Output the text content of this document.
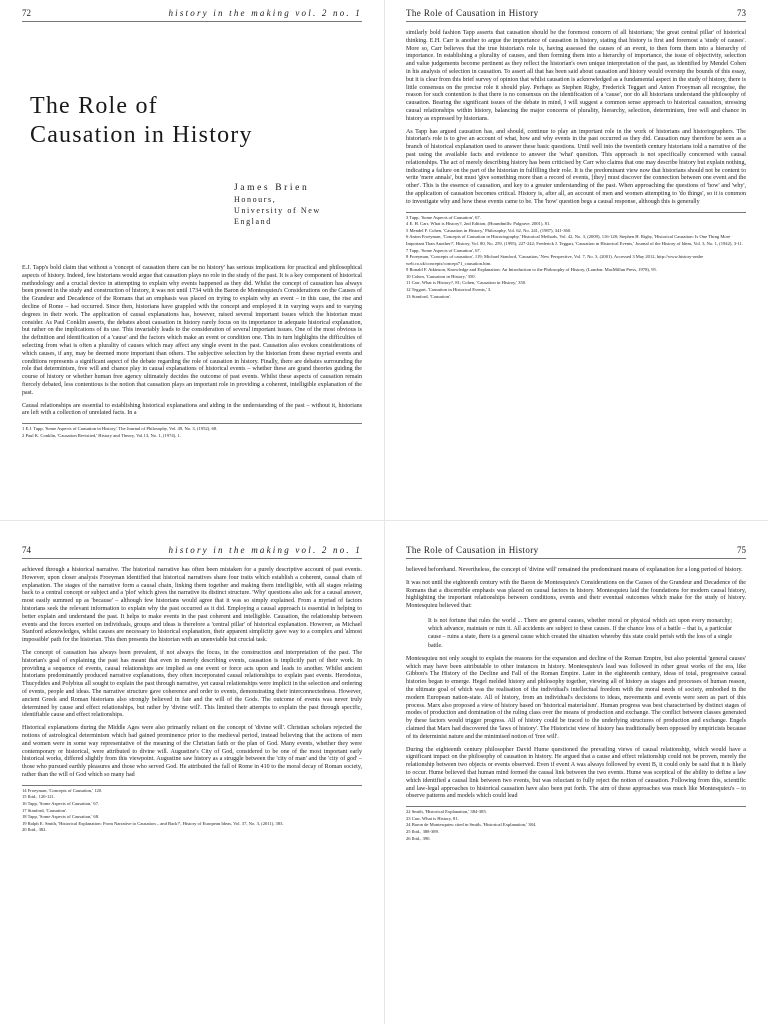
72	history in the making vol. 2 no. 1
The Role of
Causation in History
James Brien
Honours,
University of New England

E.J. Tapp's bold claim that without a 'concept of causation there can be no history' has serious implications for practical and philosophical aspects of history. Indeed, few historians would argue that causation plays no role in the study of the past. It is a key component of historical methodology and a crucial device in attempting to explain why events happened as they did. Whilst the concept of causation has always been present in the study and construction of history, it was not until 1734 with the Baron de Montesquieu's Considerations on the Causes of the Grandeur and Decadence of the Romans that an emphasis was placed on trying to explain why an event – in this case, the rise and decline of Rome – had occurred. Since then, historians have grappled with the concept and employed it in varying ways and to varying degrees in their work. The application of causal explanations has, however, raised several important issues which the historian must consider. As Paul Conklin asserts, the debates about causation in history rarely focus on its importance in adequate historical explanation, but rather on the implications of its use. This invariably leads to the consideration of several important issues. One of the most obvious is the definition and identification of a 'cause' and the factors which make an event or condition one. This in turn highlights the difficulties of selecting from what is often a plurality of causes which may affect any single event in the past. Causation also evokes considerations of which causes, if any, may be deemed more important than others. The subjective selection by the historian from these myriad events and conditions represents a significant aspect of the debate regarding the role of causation in history. Finally, there are debates surrounding the role that determinism, free will and chance play in causal explanations of historical events – whether these are grand theories guiding the course of history or whether human free agency ultimately decides the outcome of past events. Whilst these aspects of causation remain fiercely debated, less contentious is the notion that causation plays an important role in providing a coherent, intelligible explanation of the past.

Causal relationships are essential to establishing historical explanations and aiding in the understanding of the past – without it, historians are left with a collection of unrelated facts. In a

1 E.J. Tapp, 'Some Aspects of Causation in History,' The Journal of Philosophy, Vol. 49, No. 3, (1952), 68.

2 Paul K. Conklin, 'Causation Revisited,' History and Theory, Vol.13, No. 1, (1974), 1.

The Role of Causation in History	73

similarly bold fashion Tapp asserts that causation should be the foremost concern of all historians; 'the great central pillar' of historical thinking. E.H. Carr is another to argue the importance of causation in history, stating that history is first and foremost a 'study of causes'. More so, Carr believes that the true historian's role is, having assessed the causes of an event, to then form them into a hierarchy of importance. In establishing a plurality of causes, and then forming them into a hierarchy of importance, the issue of objectivity, selection and value judgements become pertinent as they reflect the historian's own unique interpretation of the past, as identified by Mendel Cohen in his analysis of selection in causation. To assert all that has been said about causation and history would overstep the bounds of this essay, but it is clear from this brief survey of opinion that whilst causation is acknowledged as a fundamental aspect in the study of history, there is little consensus on the precise role it should play. Perhaps as Stephen Rigby, Frederick Teggart and Anton Froeyman all recognise, the reason for such contention is that there is no consensus on the identification of a 'cause', nor do all historians understand the philosophy of causation. Bearing the significant issues of the debate in mind, I will suggest a common sense approach to historical causation, stressing causal relationships within history, balancing the major concerns of plurality, hierarchy, selection, determinism, free will and chance in history as expressed by historians.

As Tapp has argued causation has, and should, continue to play an important role in the work of historians and historiographers. The historian's role is to give an account of what, how and why events in the past occurred as they did. Causation may therefore be seen as a branch of historical explanation used to answer these basic questions. Until well into the twentieth century historians told a narrative of the past using the available facts and evidence to answer the 'what' question. This approach is not specifically concerned with causal relationships. The act of merely describing history has been criticised by Carr who claims that one may describe history but explain nothing, indicating a failure on the part of the historian in fulfilling their role. It is the predominant view now that historians should not be content to write 'mere annals', but must 'give something more than a record of events, [they] must discover the connection between one event and the other'. This is the essence of causation, and key to a greater understanding of the past. When approaching the questions of 'how' and 'why', the application of causation becomes critical. History is, after all, an account of men and women attempting to 'do things', so it is common to investigate why and how these events came to be. The 'how' question begs a causal response, although this is generally

3 Tapp, 'Some Aspects of Causation', 67.

4 E. H. Carr, What is History?, 2nd Edition, (Houndmills: Palgrave, 2001), 81.

5 Mendel F. Cohen, 'Causation in History,' Philosophy, Vol. 62, No. 241, (1987), 341-360.

6 Anton Froeyman, 'Concepts of Causation in Historiography,' Historical Methods, Vol. 42, No. 3, (2009), 116-128; Stephen H. Rigby, 'Historical Causation: Is One Thing More Important Than Another?', History, Vol. 80, No. 259, (1995), 227-242; Frederick J. Teggart, 'Causation in Historical Events,' Journal of the History of Ideas, Vol. 3, No. 1, (1942), 3-11.

7 Tapp, 'Some Aspects of Causation', 67.

8 Froeyman, 'Concepts of causation', 119; Michael Stanford, 'Causation,' New Perspective, Vol. 7, No. 3, (2001). Accessed 3 May 2012, http://www.history-onthe web.co.uk/concepts/concept71_causation.htm.

9 Ronald F. Atkinson, Knowledge and Explanation: An Introduction to the Philosophy of History, (London: MacMillan Press, 1978), 95.

10 Cohen, 'Causation in History,' 350.

11 Carr, What is History?, 81; Cohen, 'Causation in History,' 350.

12 Teggart, 'Causation in Historical Events,' 3.

13 Stanford, 'Causation'.

74	history in the making vol. 2 no. 1

achieved through a historical narrative. The historical narrative has often been mistaken for a purely descriptive account of past events. However, upon closer analysis Froeyman identified that historical narratives share four traits which establish a coherent, causal chain of explanation. The stages of the narrative form a causal chain, linking them together and making them intelligible, with all stages relating back to a central concept or subject and a 'plot' which gives the narrative its distinct structure. 'Why' questions also ask for a causal answer, most easily summed up as 'because' – although few historians would agree that it was so simply explained. From a myriad of factors historians seek the relevant information to explain why the past occurred as it did. Employing a causal approach is essential in helping to better explain and understand the past. It helps to make events in the past coherent and intelligible. Causation, the relationship between events and the forces exerted on individuals, groups and ideas is therefore a 'central pillar' of historical explanation. However, as Michael Stanford acknowledges, whilst causes are necessary to historical explanation, their apparent simplicity gave way to a complex and 'almost impossible' path for the historian. This then presents the historian with an unenviable but crucial task.

The concept of causation has always been prevalent, if not always the focus, in the construction and interpretation of the past. The historian's goal of explaining the past has meant that even in merely describing events, causation is implicitly part of their work. In providing a sequence of events, causal relationships are implied as one event or force acts upon and leads to another. Whilst ancient historians predominantly produced narrative explanations, they often incorporated causal relationships to explain past events. Herodotus, Thucydides and Polybius all sought to explain the past through narrative, yet causal relationships were implicit in the selection and ordering of events, people and ideas. The narrative structure gave coherence and order to events, demonstrating their interconnectedness. However, ancient Greek and Roman historians also strongly believed in fate and the will of the Gods. The outcome of events was never truly determined by cause and effect relationships, but rather by 'divine will'. This limited their attempts to explain the past through specific, identifiable cause and effect relationships.

Historical explanations during the Middle Ages were also primarily reliant on the concept of 'divine will'. Christian scholars rejected the notions of astrological determinism which had gained prominence prior to the medieval period, instead believing that the actions of men and women were in some way representative of the meaning of the Christian faith or the plan of God. Many events, whether they were contemporary or historical, were attributed to divine will. Augustine's City of God, considered to be one of the most important early historical works, differed slightly from this viewpoint. Augustine saw history as a struggle between the 'city of man' and the 'city of god' – those who pursued earthly pleasures and those who served God. He attributed the fall of Rome in 410 to the moral decay of Roman society, rather than the will of God which so many had

14 Froeyman, 'Concepts of Causation,' 120.

15 Ibid., 120-121.

16 Tapp, 'Some Aspects of Causation,' 67.

17 Stanford, 'Causation'.

18 Tapp, 'Some Aspects of Causation,' 68.

19 Ralph E. Smith, 'Historical Explanation: From Narrative to Causation – and Back?', History of European Ideas, Vol. 37, No. 3, (2011), 383.

20 Ibid., 382.

The Role of Causation in History	75

believed beforehand. Nevertheless, the concept of 'divine will' remained the predominant means of explanation for a long period of history.

It was not until the eighteenth century with the Baron de Montesquieu's Considerations on the Causes of the Grandeur and Decadence of the Romans that a discernible emphasis was placed on causal factors in history. Montesquieu laid the foundations for modern causal history, highlighting the important relationships between conditions, events and their eventual outcomes which make for the study of history. Montesquieu believed that:

It is not fortune that rules the world ... There are general causes, whether moral or physical which act upon every monarchy; which advance, maintain or ruin it. All accidents are subject to these causes. If the chance loss of a battle – that is, a particular cause – ruins a state, there is a general cause which created the situation whereby this state could perish with the loss of a single battle.

Montesquieu not only sought to explain the reasons for the expansion and decline of the Roman Empire, but also potential 'general causes' which may have been attributable to other instances in history. Montesquieu's lead was followed in other great works of the era, like Gibbon's The History of the Decline and Fall of the Roman Empire. Later in the eighteenth century, ideas of total, progressive causal histories began to emerge. Hegel melded history and philosophy together, viewing all of history as stages and processes of human reason, the ultimate goal of which was the realisation of the individual's intellectual freedom with the moral needs of society, embodied in the modern European nation-state. All of history, from an individual's decisions to ideas, movements and events were seen as part of this process. Marx also proposed a view of history based on 'historical materialism'. Human progress was best characterised by distinct stages of modes of production and domination of the ruling class over the means of production and exchange. The conflict between classes generated by these factors would trigger progress. All of history could be traced to the underlying structures of production and exchange. Engels claimed that Marx had discovered the 'laws of history'. The Historicist view of history has traditionally been opposed by empiricists because of its determinist nature and the minimised notion of 'free will'.

During the eighteenth century philosopher David Hume questioned the prevailing views of causal relationship, which would have a significant impact on the philosophy of causation in history. He argued that a cause and effect relationship could not be proven, merely the relationship between two objects or events observed. Even if event A was always followed by event B, it could only be said that it is likely to occur. Hume believed that human mind formed the causal link between the two events. Hume was sceptical of the ability to define a law which identified a causal link between two events, but was reluctant to fully reject the notion of causation. Following from this, scientific and law-legal approaches to historical causation have also been put forth. The aim of these approaches was much like Montesquieu's – to observe patterns and models which could lead

22 Smith, 'Historical Explanation,' 384-385.

23 Carr, What is History, 81.

24 Baron de Montesquieu cited in Smith, 'Historical Explanation,' 384.

25 Ibid., 388-389.

26 Ibid., 390.
